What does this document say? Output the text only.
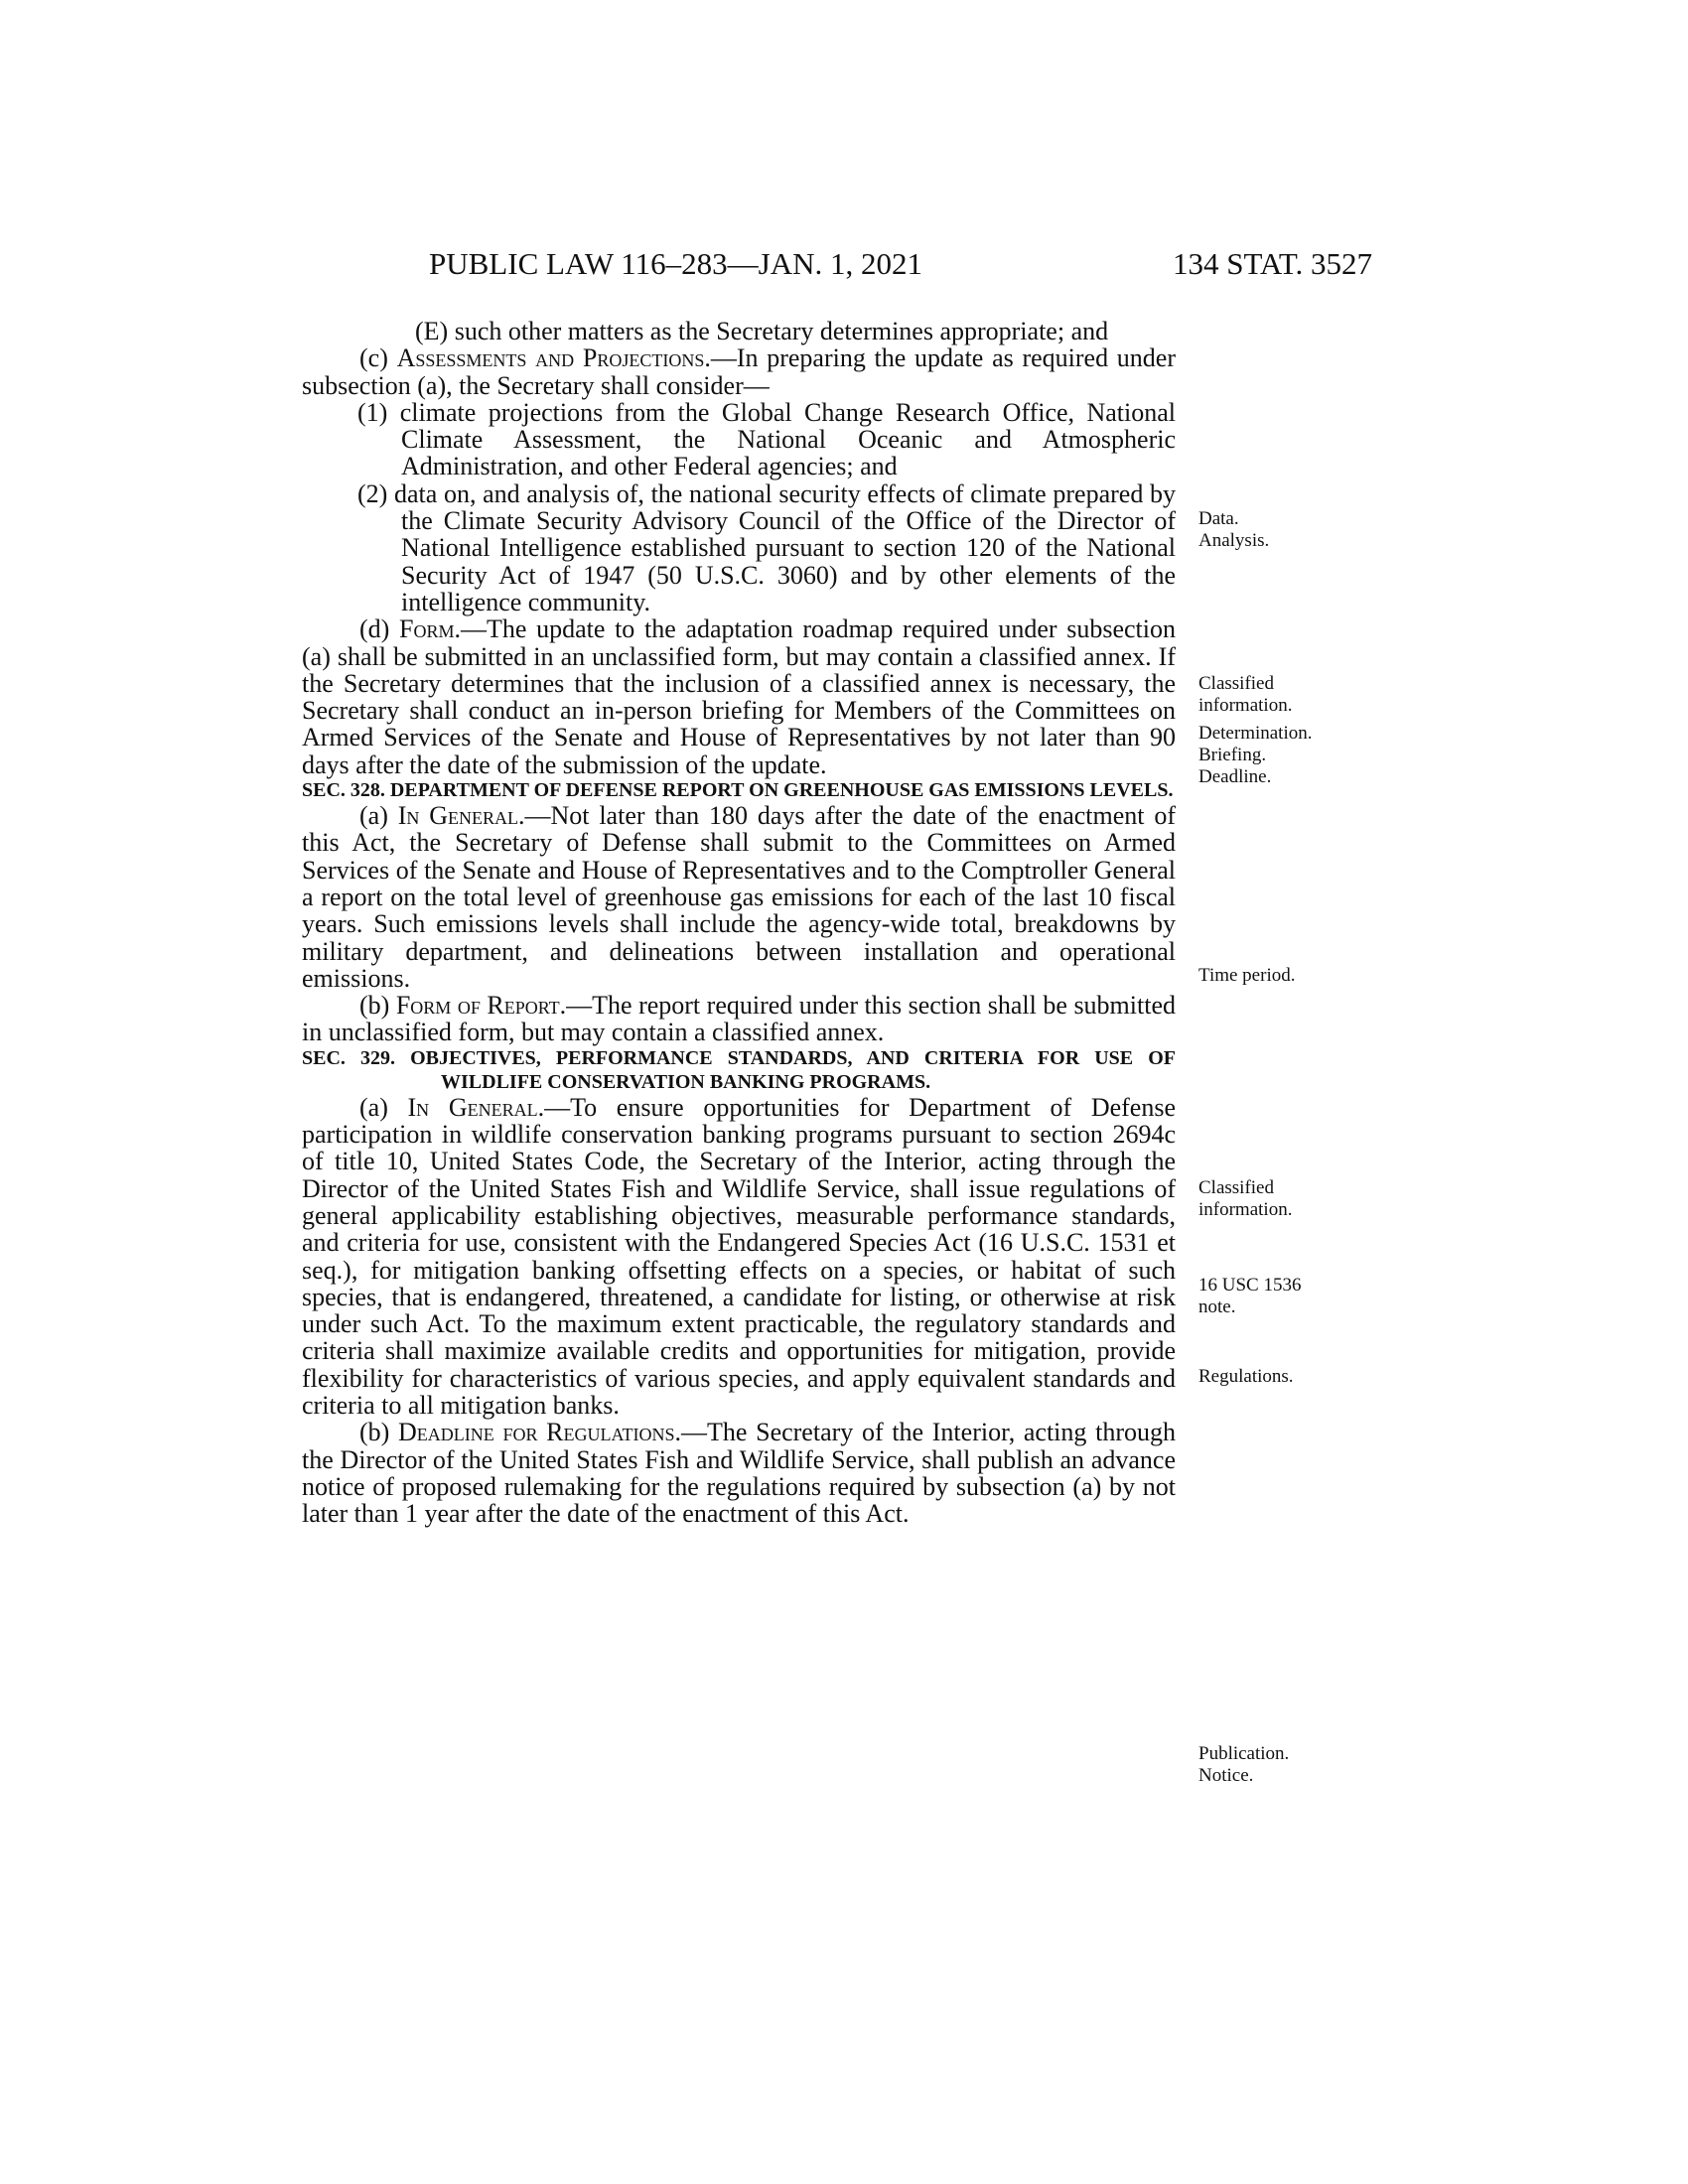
PUBLIC LAW 116–283—JAN. 1, 2021	134 STAT. 3527

(E) such other matters as the Secretary determines appropriate; and

(c) Assessments and Projections.—In preparing the update as required under subsection (a), the Secretary shall consider—

(1) climate projections from the Global Change Research Office, National Climate Assessment, the National Oceanic and Atmospheric Administration, and other Federal agencies; and

(2) data on, and analysis of, the national security effects of climate prepared by the Climate Security Advisory Council of the Office of the Director of National Intelligence established pursuant to section 120 of the National Security Act of 1947 (50 U.S.C. 3060) and by other elements of the intelligence community.

(d) Form.—The update to the adaptation roadmap required under subsection (a) shall be submitted in an unclassified form, but may contain a classified annex. If the Secretary determines that the inclusion of a classified annex is necessary, the Secretary shall conduct an in-person briefing for Members of the Committees on Armed Services of the Senate and House of Representatives by not later than 90 days after the date of the submission of the update.

SEC. 328. DEPARTMENT OF DEFENSE REPORT ON GREENHOUSE GAS EMISSIONS LEVELS.

(a) In General.—Not later than 180 days after the date of the enactment of this Act, the Secretary of Defense shall submit to the Committees on Armed Services of the Senate and House of Representatives and to the Comptroller General a report on the total level of greenhouse gas emissions for each of the last 10 fiscal years. Such emissions levels shall include the agency-wide total, breakdowns by military department, and delineations between installation and operational emissions.

(b) Form of Report.—The report required under this section shall be submitted in unclassified form, but may contain a classified annex.

SEC. 329. OBJECTIVES, PERFORMANCE STANDARDS, AND CRITERIA FOR USE OF WILDLIFE CONSERVATION BANKING PROGRAMS.

(a) In General.—To ensure opportunities for Department of Defense participation in wildlife conservation banking programs pursuant to section 2694c of title 10, United States Code, the Secretary of the Interior, acting through the Director of the United States Fish and Wildlife Service, shall issue regulations of general applicability establishing objectives, measurable performance standards, and criteria for use, consistent with the Endangered Species Act (16 U.S.C. 1531 et seq.), for mitigation banking offsetting effects on a species, or habitat of such species, that is endangered, threatened, a candidate for listing, or otherwise at risk under such Act. To the maximum extent practicable, the regulatory standards and criteria shall maximize available credits and opportunities for mitigation, provide flexibility for characteristics of various species, and apply equivalent standards and criteria to all mitigation banks.

(b) Deadline for Regulations.—The Secretary of the Interior, acting through the Director of the United States Fish and Wildlife Service, shall publish an advance notice of proposed rulemaking for the regulations required by subsection (a) by not later than 1 year after the date of the enactment of this Act.

Data.
Analysis.
Classified
information.
Determination.
Briefing.
Deadline.
Time period.
Classified
information.
16 USC 1536
note.
Regulations.
Publication.
Notice.
